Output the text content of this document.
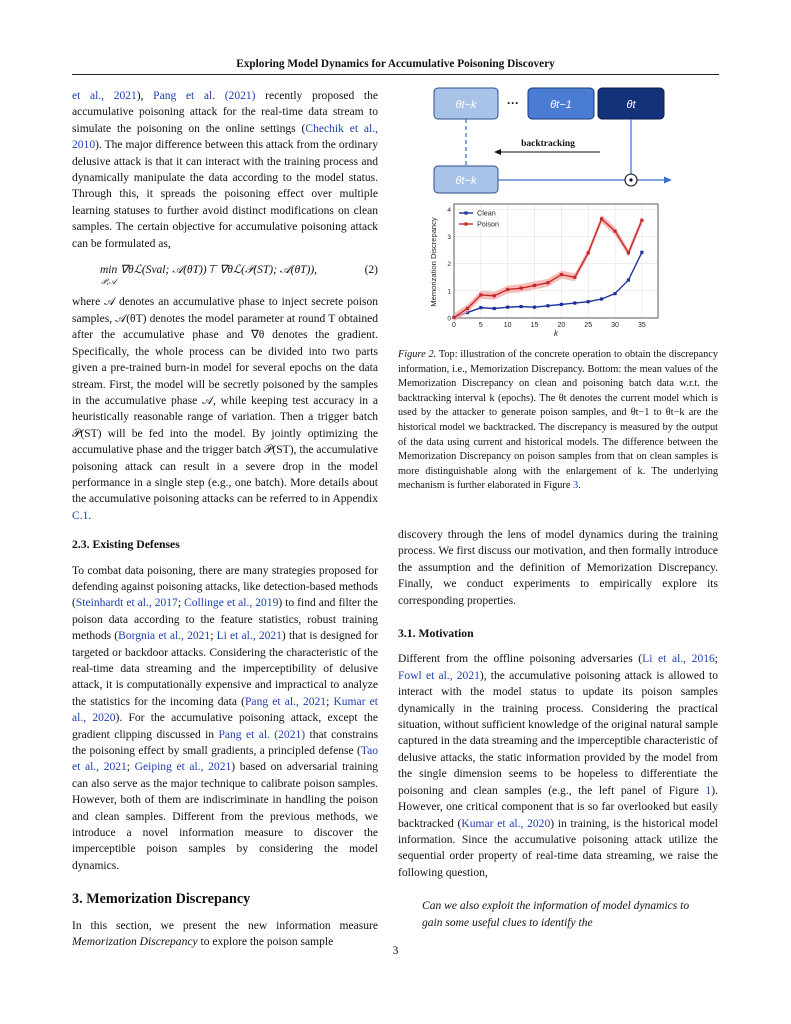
Exploring Model Dynamics for Accumulative Poisoning Discovery

et al., 2021), Pang et al. (2021) recently proposed the accumulative poisoning attack for the real-time data stream to simulate the poisoning on the online settings (Chechik et al., 2010). The major difference between this attack from the ordinary delusive attack is that it can interact with the training process and dynamically manipulate the data according to the model status. Through this, it spreads the poisoning effect over multiple learning statuses to further avoid distinct modifications on clean samples. The certain objective for accumulative poisoning attack can be formulated as,

min
𝒫,𝒜
∇θℒ(Sval; 𝒜(θT))⊤ ∇θℒ(𝒫(ST); 𝒜(θT)),	(2)

where 𝒜 denotes an accumulative phase to inject secrete poison samples, 𝒜(θT) denotes the model parameter at round T obtained after the accumulative phase and ∇θ denotes the gradient. Specifically, the whole process can be divided into two parts given a pre-trained burn-in model for several epochs on the data stream. First, the model will be secretly poisoned by the samples in the accumulative phase 𝒜, while keeping test accuracy in a heuristically reasonable range of variation. Then a trigger batch 𝒫(ST) will be fed into the model. By jointly optimizing the accumulative phase and the trigger batch 𝒫(ST), the accumulative poisoning attack can result in a severe drop in the model performance in a single step (e.g., one batch). More details about the accumulative poisoning attacks can be referred to in Appendix C.1.

2.3. Existing Defenses

To combat data poisoning, there are many strategies proposed for defending against poisoning attacks, like detection-based methods (Steinhardt et al., 2017; Collinge et al., 2019) to find and filter the poison data according to the feature statistics, robust training methods (Borgnia et al., 2021; Li et al., 2021) that is designed for targeted or backdoor attacks. Considering the characteristic of the real-time data streaming and the imperceptibility of delusive attack, it is computationally expensive and impractical to analyze the statistics for the incoming data (Pang et al., 2021; Kumar et al., 2020). For the accumulative poisoning attack, except the gradient clipping discussed in Pang et al. (2021) that constrains the poisoning effect by small gradients, a principled defense (Tao et al., 2021; Geiping et al., 2021) based on adversarial training can also serve as the major technique to calibrate poison samples. However, both of them are indiscriminate in handling the poison and clean samples. Different from the previous methods, we introduce a novel information measure to discover the imperceptible poison samples by considering the model dynamics.

3. Memorization Discrepancy

In this section, we present the new information measure Memorization Discrepancy to explore the poison sample

θt−k	···	θt−1	θt
backtracking
θt−k
0	5	10	15	20	25	30	35
0
1
2
3
4	Clean
Poison
Memorization Discrepancy
k
Figure 2. Top: illustration of the concrete operation to obtain the discrepancy information, i.e., Memorization Discrepancy. Bottom: the mean values of the Memorization Discrepancy on clean and poisoning batch data w.r.t. the backtracking interval k (epochs). The θt denotes the current model which is used by the attacker to generate poison samples, and θt−1 to θt−k are the historical model we backtracked. The discrepancy is measured by the output of the data using current and historical models. The difference between the Memorization Discrepancy on poison samples from that on clean samples is more distinguishable along with the enlargement of k. The underlying mechanism is further elaborated in Figure 3.

discovery through the lens of model dynamics during the training process. We first discuss our motivation, and then formally introduce the assumption and the definition of Memorization Discrepancy. Finally, we conduct experiments to empirically explore its corresponding properties.

3.1. Motivation

Different from the offline poisoning adversaries (Li et al., 2016; Fowl et al., 2021), the accumulative poisoning attack is allowed to interact with the model status to update its poison samples dynamically in the training process. Considering the practical situation, without sufficient knowledge of the original natural sample captured in the data streaming and the imperceptible characteristic of delusive attacks, the static information provided by the model from the single dimension seems to be hopeless to differentiate the poisoning and clean samples (e.g., the left panel of Figure 1). However, one critical component that is so far overlooked but easily backtracked (Kumar et al., 2020) in training, is the historical model information. Since the accumulative poisoning attack utilize the sequential order property of real-time data streaming, we raise the following question,

Can we also exploit the information of model dynamics to gain some useful clues to identify the
3
